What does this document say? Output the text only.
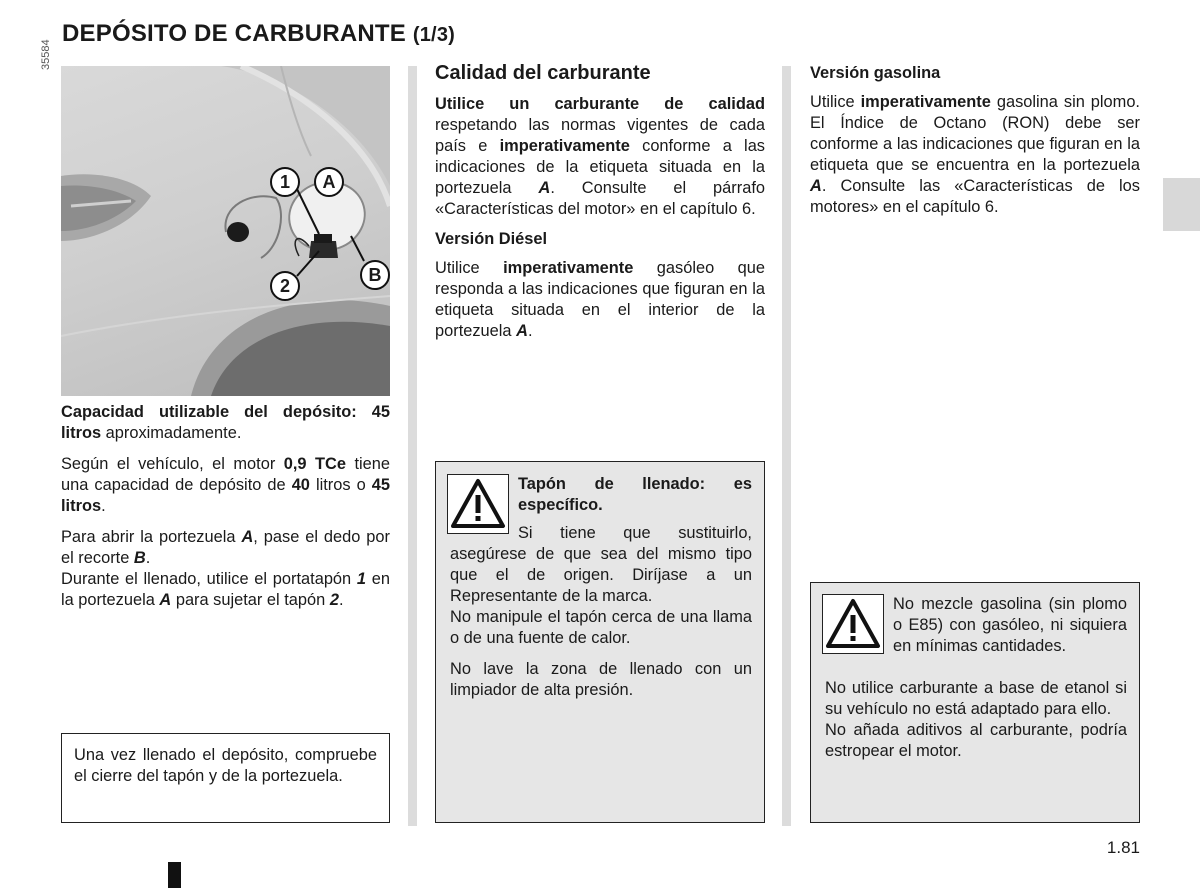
DEPÓSITO DE CARBURANTE (1/3)
35584
1	A
2
B

Capacidad utilizable del depósito: 45 litros aproximadamente.

Según el vehículo, el motor 0,9 TCe tiene una capacidad de depósito de 40 litros o 45 litros.

Para abrir la portezuela A, pase el dedo por el recorte B.

Durante el llenado, utilice el portatapón 1 en la portezuela A para sujetar el tapón 2.

Una vez llenado el depósito, compruebe el cierre del tapón y de la portezuela.

Calidad del carburante

Utilice un carburante de calidad respetando las normas vigentes de cada país e imperativamente conforme a las indicaciones de la etiqueta situada en la portezuela A. Consulte el párrafo «Características del motor» en el capítulo 6.

Versión Diésel

Utilice imperativamente gasóleo que responda a las indicaciones que figuran en la etiqueta situada en el interior de la portezuela A.

Tapón de llenado: es específico.

Si tiene que sustituirlo, asegúrese de que sea del mismo tipo que el de origen. Diríjase a un Representante de la marca.

No manipule el tapón cerca de una llama o de una fuente de calor.

No lave la zona de llenado con un limpiador de alta presión.

Versión gasolina

Utilice imperativamente gasolina sin plomo. El Índice de Octano (RON) debe ser conforme a las indicaciones que figuran en la etiqueta que se encuentra en la portezuela A. Consulte las «Características de los motores» en el capítulo 6.

No mezcle gasolina (sin plomo o E85) con gasóleo, ni siquiera en mínimas cantidades.

No utilice carburante a base de etanol si su vehículo no está adaptado para ello.

No añada aditivos al carburante, podría estropear el motor.

1.81
